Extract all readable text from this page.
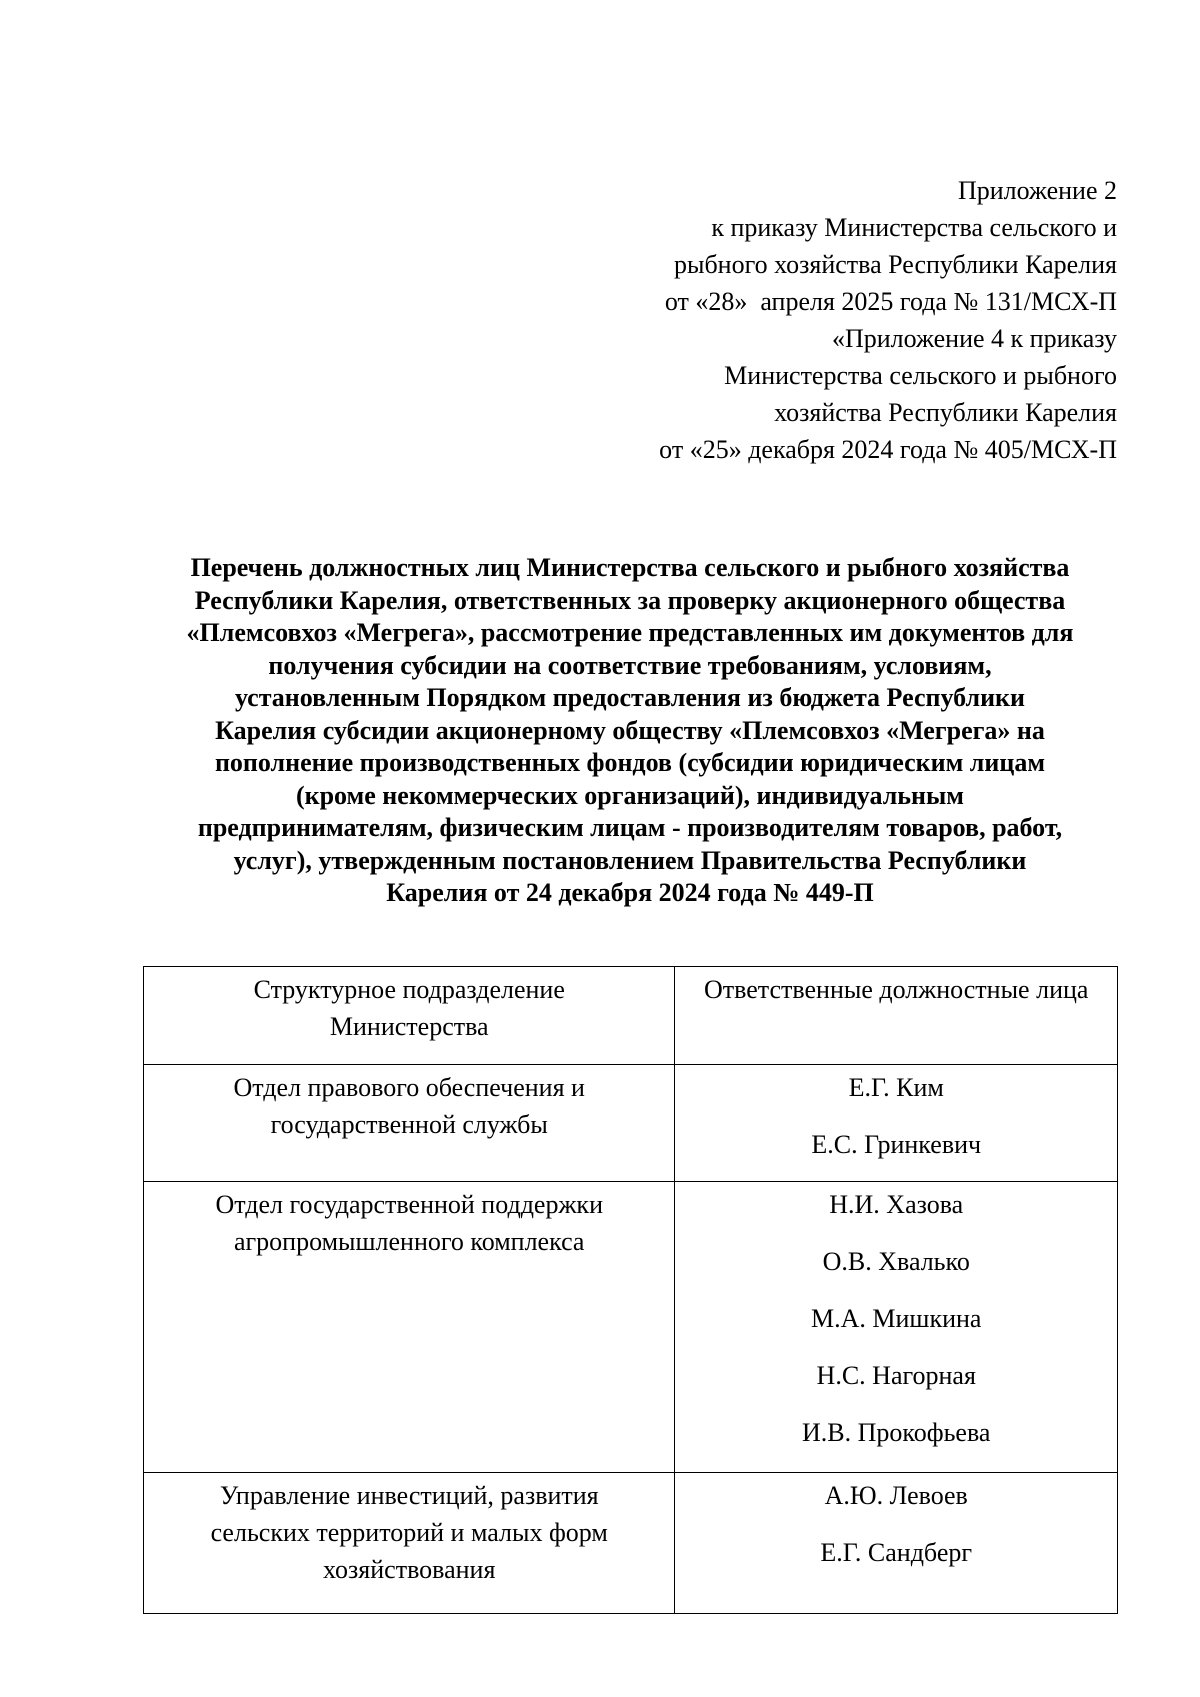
Приложение 2
к приказу Министерства сельского и
рыбного хозяйства Республики Карелия
от «28»  апреля 2025 года № 131/МСХ-П
«Приложение 4 к приказу
Министерства сельского и рыбного
хозяйства Республики Карелия
от «25» декабря 2024 года № 405/МСХ-П
Перечень должностных лиц Министерства сельского и рыбного хозяйства
Республики Карелия, ответственных за проверку акционерного общества
«Племсовхоз «Мегрега», рассмотрение представленных им документов для
получения субсидии на соответствие требованиям, условиям,
установленным Порядком предоставления из бюджета Республики
Карелия субсидии акционерному обществу «Племсовхоз «Мегрега» на
пополнение производственных фондов (субсидии юридическим лицам
(кроме некоммерческих организаций), индивидуальным
предпринимателям, физическим лицам - производителям товаров, работ,
услуг), утвержденным постановлением Правительства Республики
Карелия от 24 декабря 2024 года № 449-П
Структурное подразделение
Министерства	Ответственные должностные лица

Отдел правового обеспечения и
государственной службы	Е.Г. Ким
Е.С. Гринкевич

Отдел государственной поддержки
агропромышленного комплекса	Н.И. Хазова
О.В. Хвалько
М.А. Мишкина
Н.С. Нагорная
И.В. Прокофьева

Управление инвестиций, развития
сельских территорий и малых форм
хозяйствования	А.Ю. Левоев
Е.Г. Сандберг
